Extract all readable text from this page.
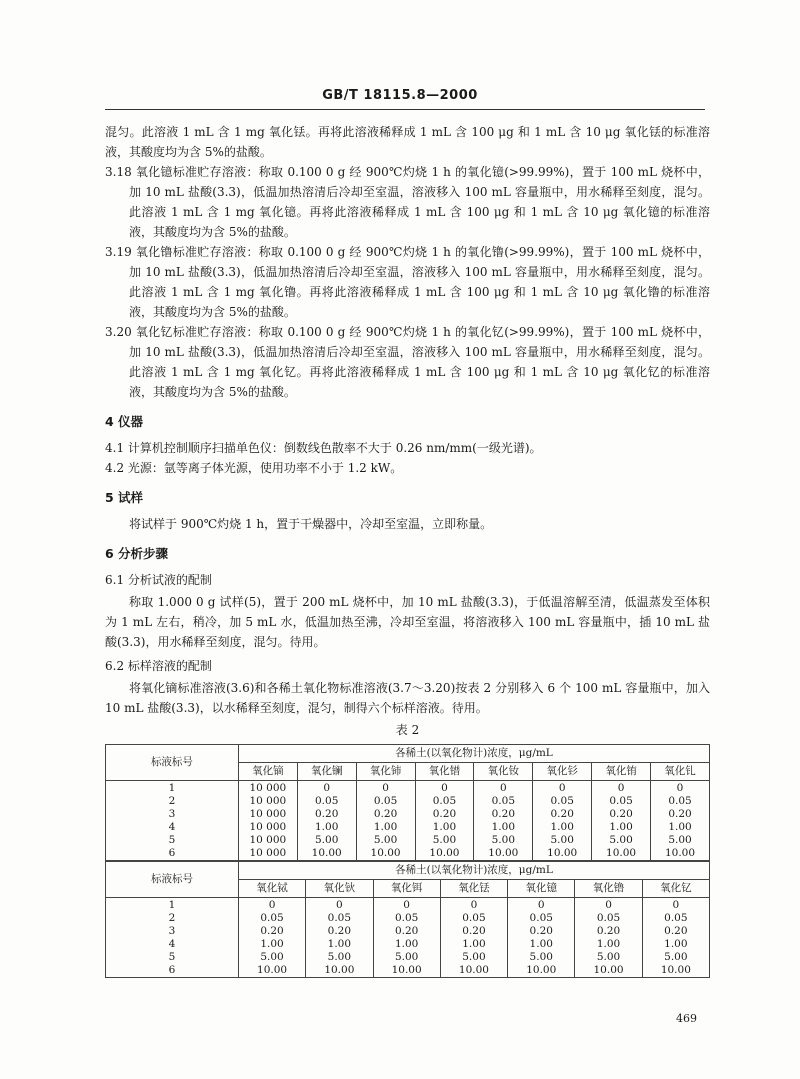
GB/T 18115.8—2000

混匀。此溶液 1 mL 含 1 mg 氧化铥。再将此溶液稀释成 1 mL 含 100 μg 和 1 mL 含 10 μg 氧化铥的标准溶液，其酸度均为含 5%的盐酸。

3.18 氧化镱标准贮存溶液：称取 0.100 0 g 经 900℃灼烧 1 h 的氧化镱(>99.99%)，置于 100 mL 烧杯中，加 10 mL 盐酸(3.3)，低温加热溶清后冷却至室温，溶液移入 100 mL 容量瓶中，用水稀释至刻度，混匀。此溶液 1 mL 含 1 mg 氧化镱。再将此溶液稀释成 1 mL 含 100 μg 和 1 mL 含 10 μg 氧化镱的标准溶液，其酸度均为含 5%的盐酸。

3.19 氧化镥标准贮存溶液：称取 0.100 0 g 经 900℃灼烧 1 h 的氧化镥(>99.99%)，置于 100 mL 烧杯中，加 10 mL 盐酸(3.3)，低温加热溶清后冷却至室温，溶液移入 100 mL 容量瓶中，用水稀释至刻度，混匀。此溶液 1 mL 含 1 mg 氧化镥。再将此溶液稀释成 1 mL 含 100 μg 和 1 mL 含 10 μg 氧化镥的标准溶液，其酸度均为含 5%的盐酸。

3.20 氧化钇标准贮存溶液：称取 0.100 0 g 经 900℃灼烧 1 h 的氧化钇(>99.99%)，置于 100 mL 烧杯中，加 10 mL 盐酸(3.3)，低温加热溶清后冷却至室温，溶液移入 100 mL 容量瓶中，用水稀释至刻度，混匀。此溶液 1 mL 含 1 mg 氧化钇。再将此溶液稀释成 1 mL 含 100 μg 和 1 mL 含 10 μg 氧化钇的标准溶液，其酸度均为含 5%的盐酸。

4 仪器

4.1 计算机控制顺序扫描单色仪：倒数线色散率不大于 0.26 nm/mm(一级光谱)。

4.2 光源：氩等离子体光源，使用功率不小于 1.2 kW。

5 试样

将试样于 900℃灼烧 1 h，置于干燥器中，冷却至室温，立即称量。

6 分析步骤
6.1 分析试液的配制

称取 1.000 0 g 试样(5)，置于 200 mL 烧杯中，加 10 mL 盐酸(3.3)，于低温溶解至清，低温蒸发至体积为 1 mL 左右，稍冷，加 5 mL 水，低温加热至沸，冷却至室温，将溶液移入 100 mL 容量瓶中，插 10 mL 盐酸(3.3)，用水稀释至刻度，混匀。待用。

6.2 标样溶液的配制

将氧化镝标准溶液(3.6)和各稀土氧化物标准溶液(3.7～3.20)按表 2 分别移入 6 个 100 mL 容量瓶中，加入 10 mL 盐酸(3.3)，以水稀释至刻度，混匀，制得六个标样溶液。待用。

表 2
标液标号	各稀土(以氧化物计)浓度，μg/mL							
	氧化镝	氧化镧	氧化铈	氧化镨	氧化钕	氧化钐	氧化铕	氧化钆
1	10 000	0	0	0	0	0	0	0
2	10 000	0.05	0.05	0.05	0.05	0.05	0.05	0.05
3	10 000	0.20	0.20	0.20	0.20	0.20	0.20	0.20
4	10 000	1.00	1.00	1.00	1.00	1.00	1.00	1.00
5	10 000	5.00	5.00	5.00	5.00	5.00	5.00	5.00
6	10 000	10.00	10.00	10.00	10.00	10.00	10.00	10.00
标液标号	各稀土(以氧化物计)浓度，μg/mL						
	氧化铽	氧化钬	氧化铒	氧化铥	氧化镱	氧化镥	氧化钇
1	0	0	0	0	0	0	0
2	0.05	0.05	0.05	0.05	0.05	0.05	0.05
3	0.20	0.20	0.20	0.20	0.20	0.20	0.20
4	1.00	1.00	1.00	1.00	1.00	1.00	1.00
5	5.00	5.00	5.00	5.00	5.00	5.00	5.00
6	10.00	10.00	10.00	10.00	10.00	10.00	10.00
469
